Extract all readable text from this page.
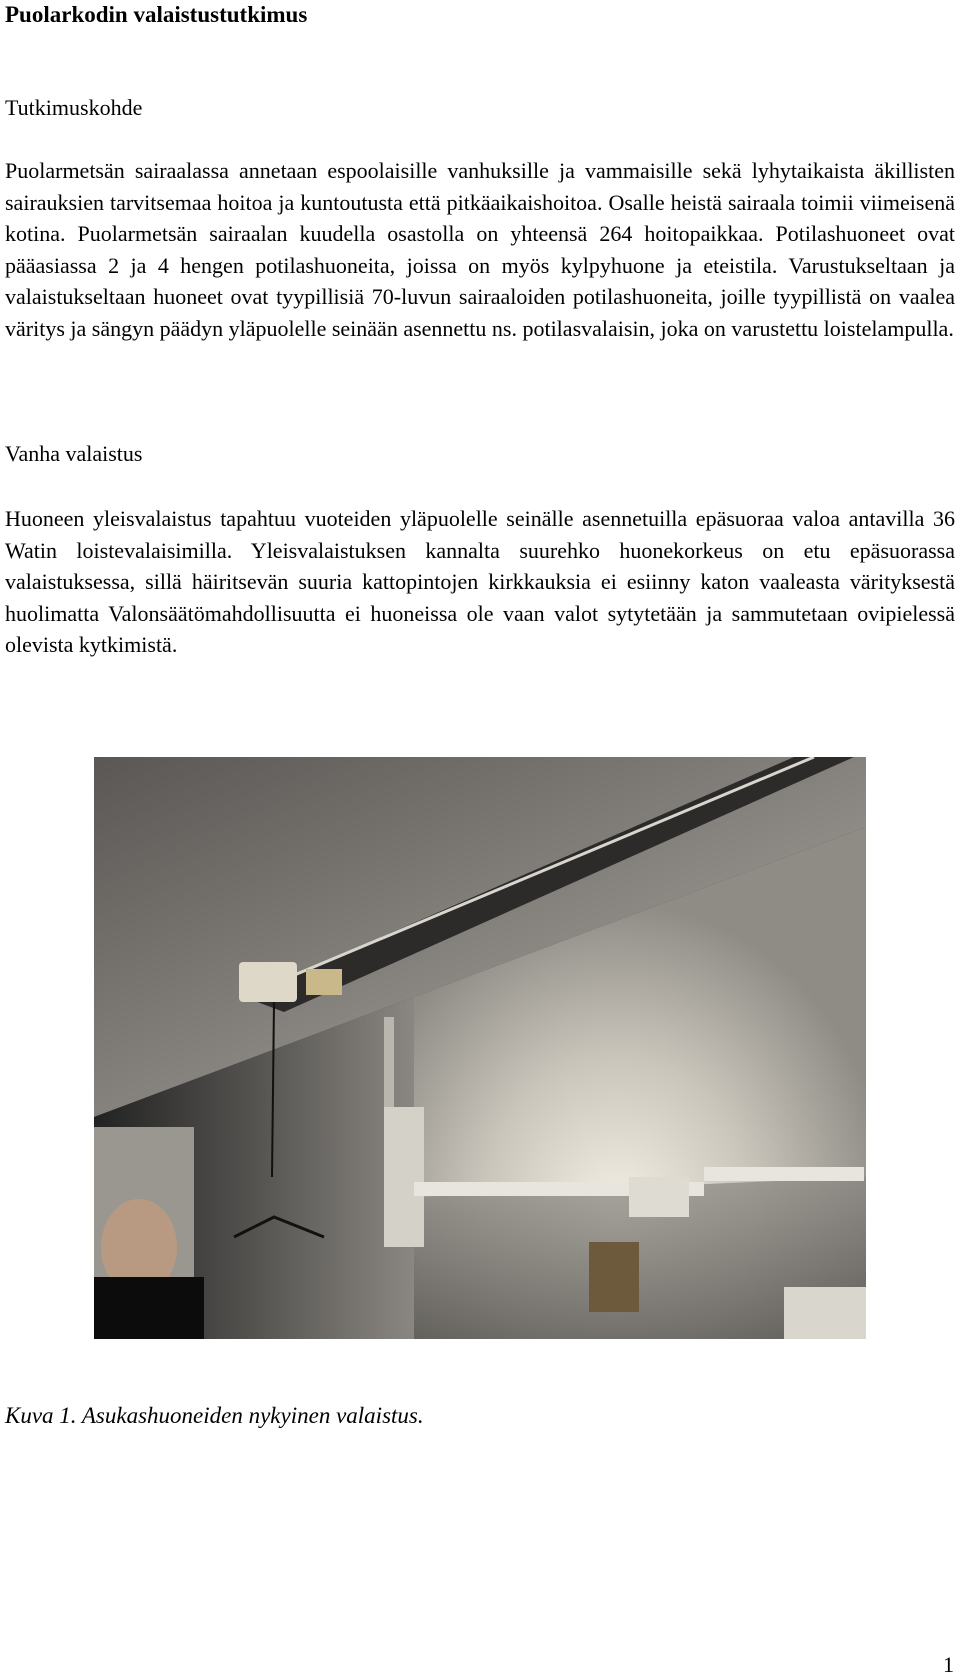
Puolarkodin valaistustutkimus
Tutkimuskohde

Puolarmetsän sairaalassa annetaan espoolaisille vanhuksille ja vammaisille sekä lyhytaikaista äkillisten sairauksien tarvitsemaa hoitoa ja kuntoutusta että pitkäaikaishoitoa. Osalle heistä sairaala toimii viimeisenä kotina. Puolarmetsän sairaalan kuudella osastolla on yhteensä 264 hoitopaikkaa. Potilashuoneet ovat pääasiassa 2 ja 4 hengen potilashuoneita, joissa on myös kylpyhuone ja eteistila. Varustukseltaan ja valaistukseltaan huoneet ovat tyypillisiä 70-luvun sairaaloiden potilashuoneita, joille tyypillistä on vaalea väritys ja sängyn päädyn yläpuolelle seinään asennettu ns. potilasvalaisin, joka on varustettu loistelampulla.

Vanha valaistus

Huoneen yleisvalaistus tapahtuu vuoteiden yläpuolelle seinälle asennetuilla epäsuoraa valoa antavilla 36 Watin loistevalaisimilla. Yleisvalaistuksen kannalta suurehko huonekorkeus on etu epäsuorassa valaistuksessa, sillä häiritsevän suuria kattopintojen kirkkauksia ei esiinny katon vaaleasta värityksestä huolimatta Valonsäätömahdollisuutta ei huoneissa ole vaan valot sytytetään ja sammutetaan ovipielessä olevista kytkimistä.

Kuva 1. Asukashuoneiden nykyinen valaistus.
1
